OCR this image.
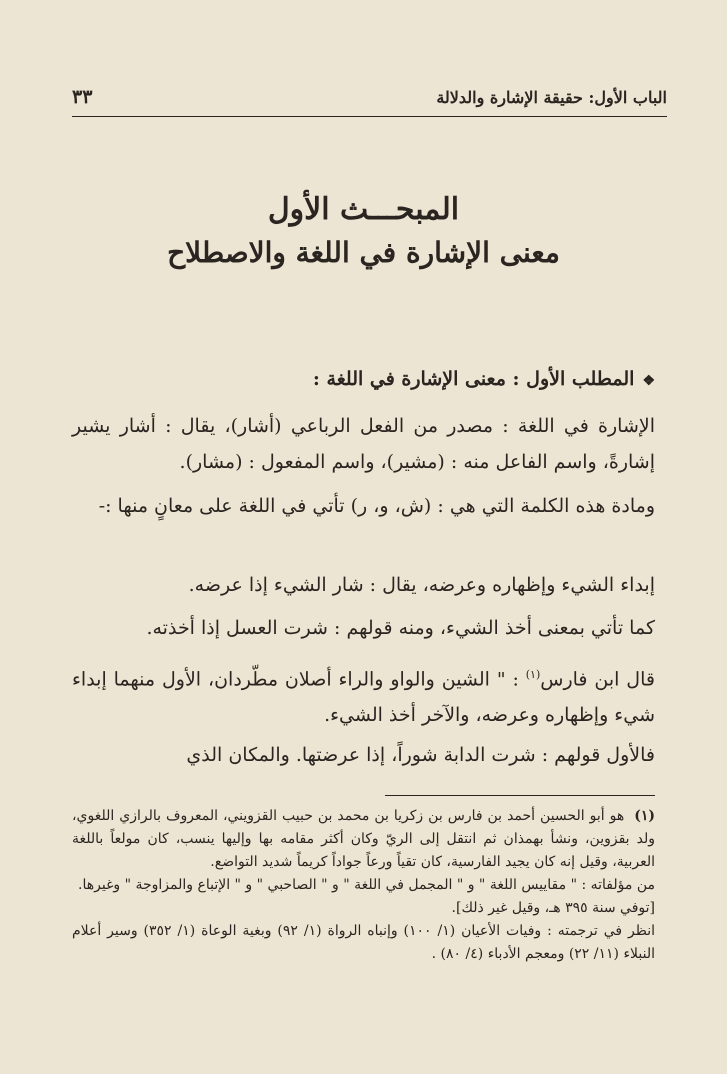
الباب الأول: حقيقة الإشارة والدلالة
٣٣
المبحـــث الأول
معنى الإشارة في اللغة والاصطلاح
❖المطلب الأول : معنى الإشارة في اللغة :
الإشارة في اللغة : مصدر من الفعل الرباعي (أشار)، يقال : أشار يشير إشارةً، واسم الفاعل منه : (مشير)، واسم المفعول : (مشار).
ومادة هذه الكلمة التي هي : (ش، و، ر) تأتي في اللغة على معانٍ منها :-
إبداء الشيء وإظهاره وعرضه، يقال : شار الشيء إذا عرضه.
كما تأتي بمعنى أخذ الشيء، ومنه قولهم : شرت العسل إذا أخذته.
قال ابن فارس$^{(١)}$ : " الشين والواو والراء أصلان مطّردان، الأول منهما إبداء شيء وإظهاره وعرضه، والآخر أخذ الشيء.
فالأول قولهم : شرت الدابة شوراً، إذا عرضتها. والمكان الذي
(١)هو أبو الحسين أحمد بن فارس بن زكريا بن محمد بن حبيب القزويني، المعروف بالرازي اللغوي، ولد بقزوين، ونشأ بهمذان ثم انتقل إلى الريّ وكان أكثر مقامه بها وإليها ينسب، كان مولعاً باللغة العربية، وقيل إنه كان يجيد الفارسية، كان تقياً ورعاً جواداً كريماً شديد التواضع.
من مؤلفاته : " مقاييس اللغة " و " المجمل في اللغة " و " الصاحبي " و " الإتباع والمزاوجة " وغيرها.
[توفي سنة ٣٩٥ هـ، وقيل غير ذلك].
انظر في ترجمته : وفيات الأعيان (١/ ١٠٠) وإنباه الرواة (١/ ٩٢) وبغية الوعاة (١/ ٣٥٢) وسير أعلام النبلاء (١١/ ٢٢) ومعجم الأدباء (٤/ ٨٠) .
